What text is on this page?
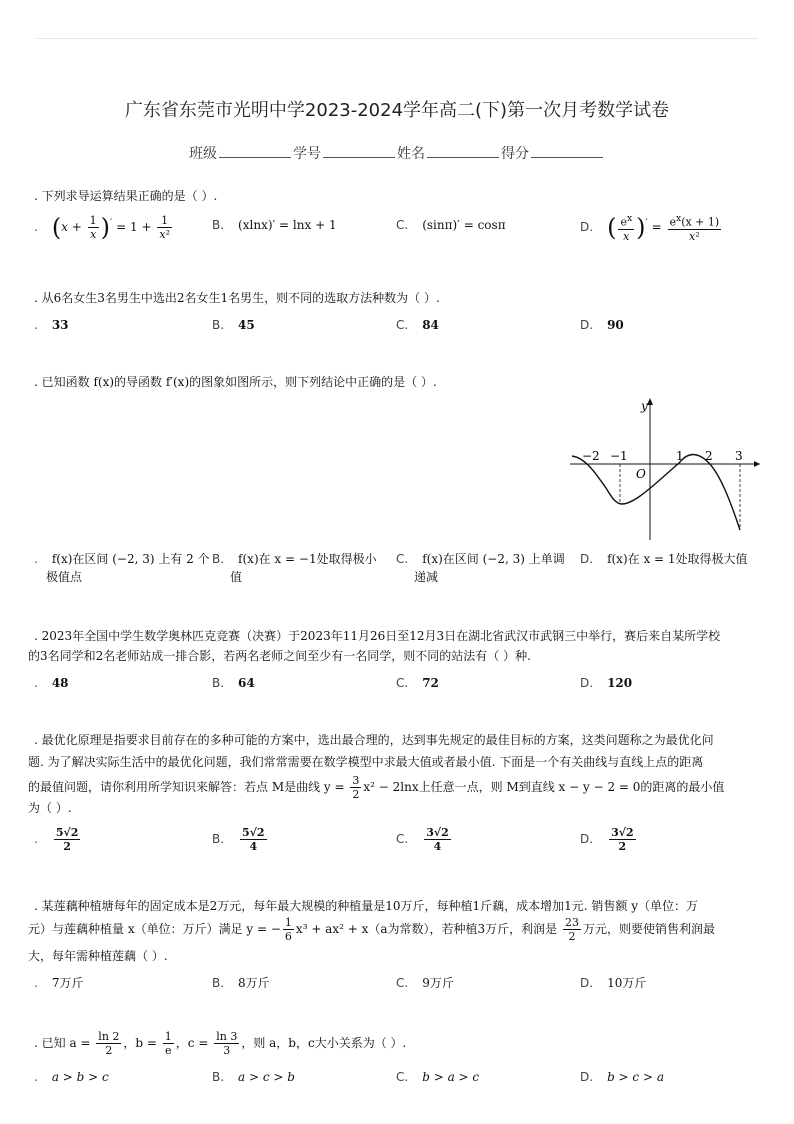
广东省东莞市光明中学2023-2024学年高二(下)第一次月考数学试卷
班级	学号	姓名	得分
. 下列求导运算结果正确的是（ ）.
. $(x + \frac{1}{x} )' = 1 + \frac{1}{\text{x²}}$	B. (xlnx)′ = lnx + 1	C. (sinπ)′ = cosπ	D. ( $\frac{e^x}{x} )' = \frac{e^x(x + 1)}{\text{x²}}$
. 从6名女生3名男生中选出2名女生1名男生，则不同的选取方法种数为（ ）.
. 33	B. 45	C. 84	D. 90
. 已知函数 f(x)的导函数 f′(x)的图象如图所示，则下列结论中正确的是（ ）.
y
O
−2 −1	1 2 3
. f(x)在区间 (−2, 3) 上有 2 个
极值点
B. f(x)在 x = −1处取得极小
值
C. f(x)在区间 (−2, 3) 上单调
递减
D. f(x)在 x = 1处取得极大值
. 2023年全国中学生数学奥林匹克竞赛（决赛）于2023年11月26日至12月3日在湖北省武汉市武钢三中举行，赛后来自某所学校
的3名同学和2名老师站成一排合影，若两名老师之间至少有一名同学，则不同的站法有（ ）种.
. 48	B. 64	C. 72	D. 120
. 最优化原理是指要求目前存在的多种可能的方案中，选出最合理的，达到事先规定的最佳目标的方案，这类问题称之为最优化问
题. 为了解决实际生活中的最优化问题，我们常常需要在数学模型中求最大值或者最小值. 下面是一个有关曲线与直线上点的距离
的最值问题，请你利用所学知识来解答：若点 M是曲线 $y = \frac{3}{2} x^2 - 2\ln x$上任意一点，则 M到直线 x − y − 2 = 0的距离的最小值
为（ ）.
. $\frac{5√2}{2}$	B. $\frac{5√2}{4}$	C. $\frac{3√2}{4}$	D. $\frac{3√2}{2}$
. 某莲藕种植塘每年的固定成本是2万元，每年最大规模的种植量是10万斤，每种植1斤藕，成本增加1元. 销售额 y（单位：万
元）与莲藕种植量 x（单位：万斤）满足 y = − $\frac{1}{6} x^3 + ax^2 + x(a$为常数），若种植3万斤，利润是 $\frac{23}{2}$ 万元，则要使销售利润最
大，每年需种植莲藕（ ）.
. 7万斤	B. 8万斤	C. 9万斤	D. 10万斤
. 已知 $a = \frac{\ln 2}{2}$ ，$b = \frac{1}{e}$ ，$c = \frac{\ln 3}{3}$ ，则 a，b，c大小关系为（ ）.
. a > b > c	B. a > c > b	C. b > a > c	D. b > c > a
